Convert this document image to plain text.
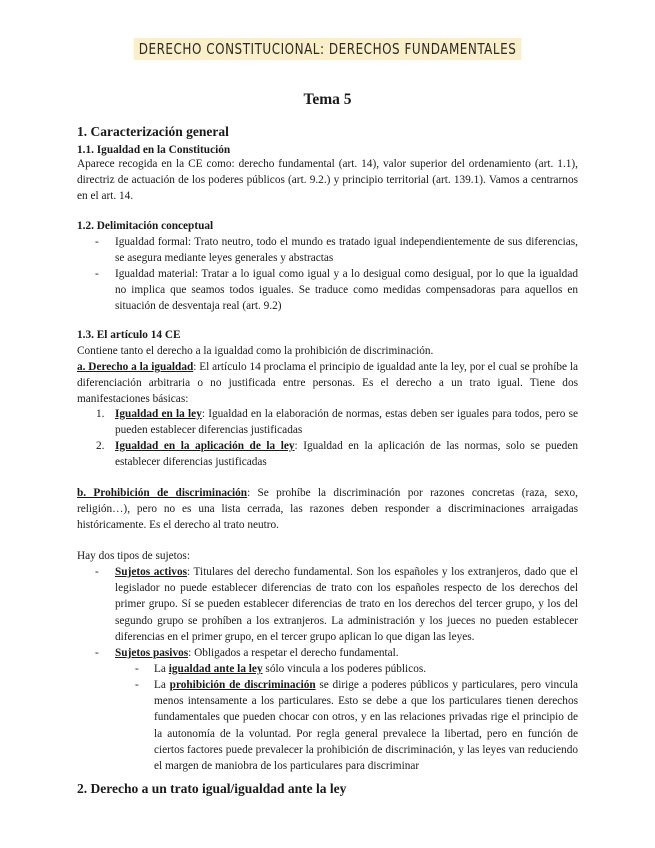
DERECHO CONSTITUCIONAL: DERECHOS FUNDAMENTALES
Tema 5
1. Caracterización general
1.1. Igualdad en la Constitución
Aparece recogida en la CE como: derecho fundamental (art. 14), valor superior del ordenamiento (art. 1.1), directriz de actuación de los poderes públicos (art. 9.2.) y principio territorial (art. 139.1). Vamos a centrarnos en el art. 14.
1.2. Delimitación conceptual
- Igualdad formal: Trato neutro, todo el mundo es tratado igual independientemente de sus diferencias, se asegura mediante leyes generales y abstractas
- Igualdad material: Tratar a lo igual como igual y a lo desigual como desigual, por lo que la igualdad no implica que seamos todos iguales. Se traduce como medidas compensadoras para aquellos en situación de desventaja real (art. 9.2)
1.3. El artículo 14 CE
Contiene tanto el derecho a la igualdad como la prohibición de discriminación.
a. Derecho a la igualdad: El artículo 14 proclama el principio de igualdad ante la ley, por el cual se prohíbe la diferenciación arbitraria o no justificada entre personas. Es el derecho a un trato igual. Tiene dos manifestaciones básicas:
1. Igualdad en la ley: Igualdad en la elaboración de normas, estas deben ser iguales para todos, pero se pueden establecer diferencias justificadas
2. Igualdad en la aplicación de la ley: Igualdad en la aplicación de las normas, solo se pueden establecer diferencias justificadas
b. Prohibición de discriminación: Se prohíbe la discriminación por razones concretas (raza, sexo, religión…), pero no es una lista cerrada, las razones deben responder a discriminaciones arraigadas históricamente. Es el derecho al trato neutro.
Hay dos tipos de sujetos:
- Sujetos activos: Titulares del derecho fundamental. Son los españoles y los extranjeros, dado que el legislador no puede establecer diferencias de trato con los españoles respecto de los derechos del primer grupo. Sí se pueden establecer diferencias de trato en los derechos del tercer grupo, y los del segundo grupo se prohíben a los extranjeros. La administración y los jueces no pueden establecer diferencias en el primer grupo, en el tercer grupo aplican lo que digan las leyes.
- Sujetos pasivos: Obligados a respetar el derecho fundamental.
- La igualdad ante la ley sólo vincula a los poderes públicos.
- La prohibición de discriminación se dirige a poderes públicos y particulares, pero vincula menos intensamente a los particulares. Esto se debe a que los particulares tienen derechos fundamentales que pueden chocar con otros, y en las relaciones privadas rige el principio de la autonomía de la voluntad. Por regla general prevalece la libertad, pero en función de ciertos factores puede prevalecer la prohibición de discriminación, y las leyes van reduciendo el margen de maniobra de los particulares para discriminar
2. Derecho a un trato igual/igualdad ante la ley
